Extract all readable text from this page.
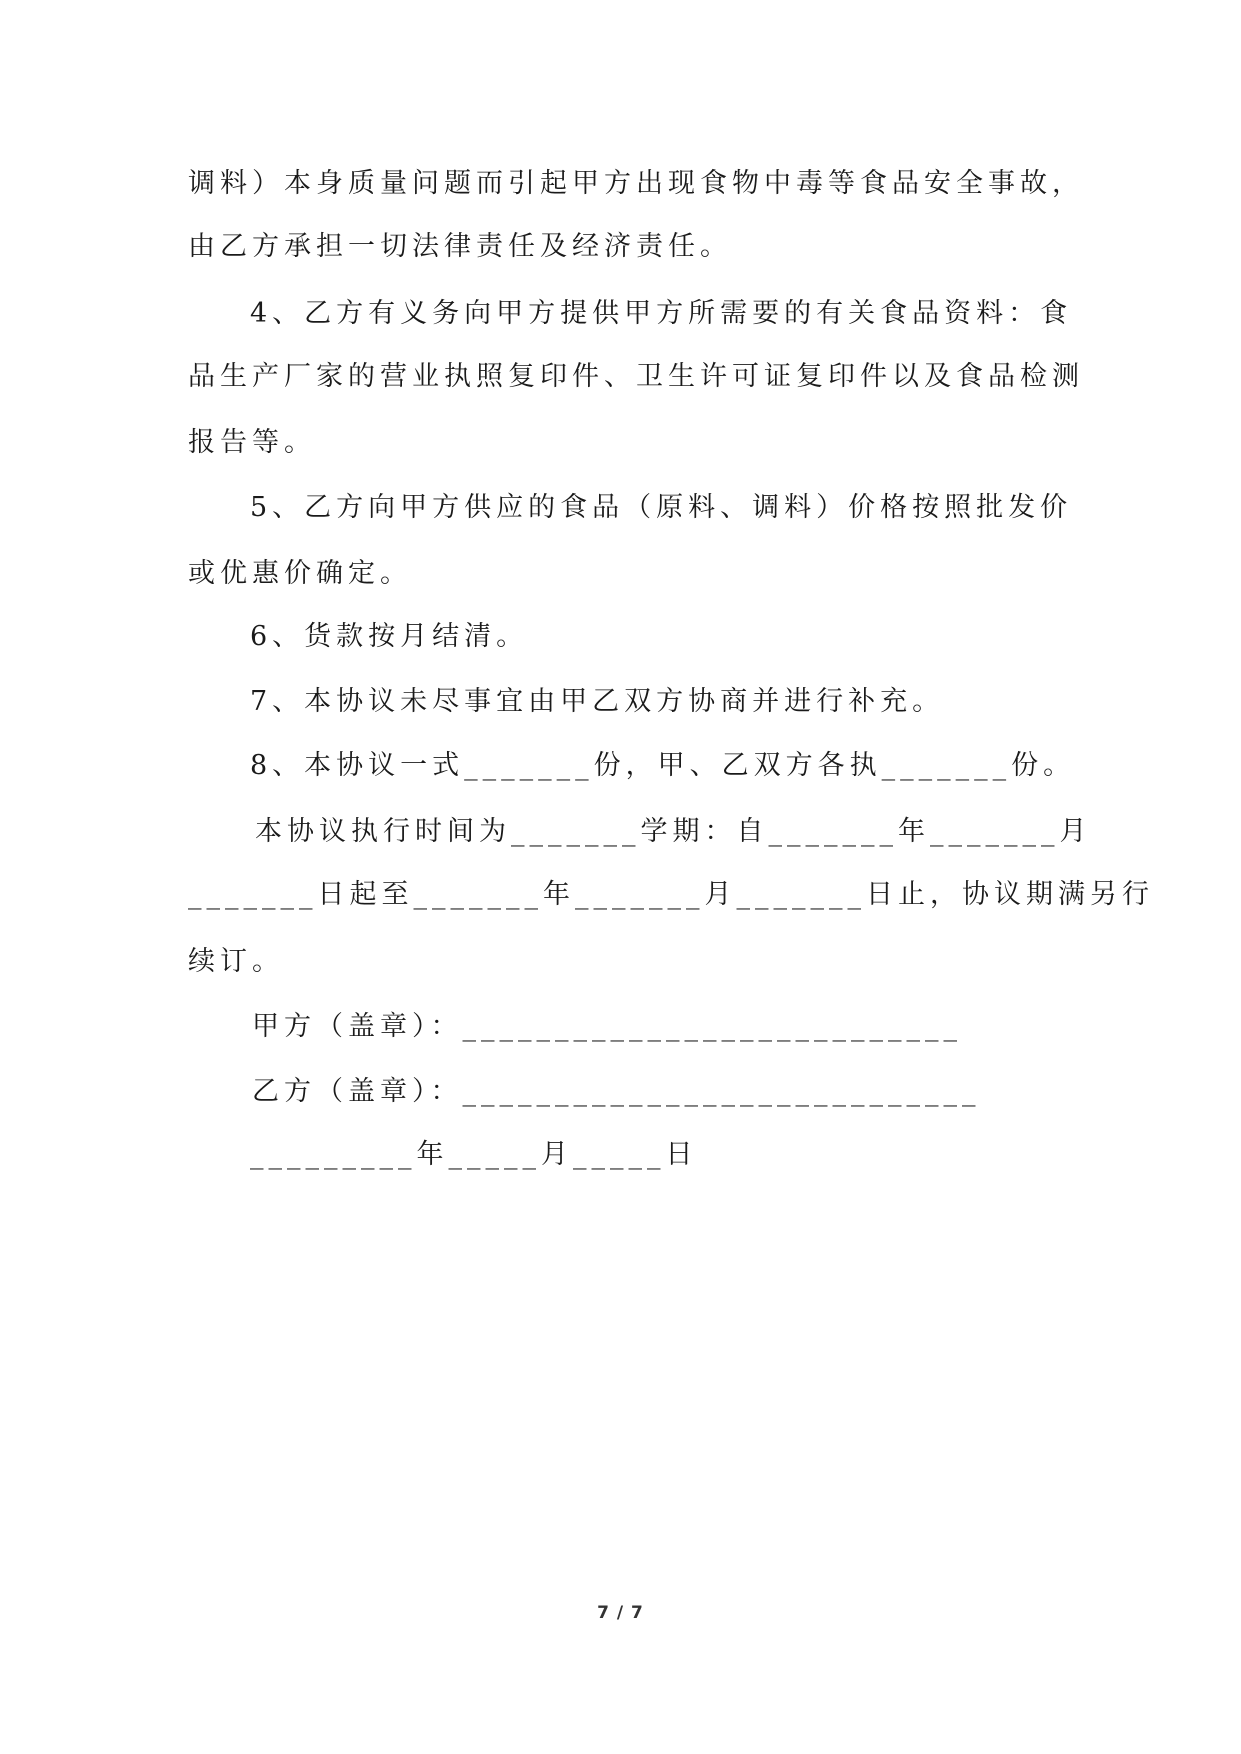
调料）本身质量问题而引起甲方出现食物中毒等食品安全事故，
由乙方承担一切法律责任及经济责任。
4、乙方有义务向甲方提供甲方所需要的有关食品资料：食
品生产厂家的营业执照复印件、卫生许可证复印件以及食品检测
报告等。
5、乙方向甲方供应的食品（原料、调料）价格按照批发价
或优惠价确定。
6、货款按月结清。
7、本协议未尽事宜由甲乙双方协商并进行补充。
8、本协议一式_______份，甲、乙双方各执_______份。
本协议执行时间为_______学期：自_______年_______月
_______日起至_______年_______月_______日止，协议期满另行
续订。
甲方（盖章）：___________________________
乙方（盖章）：____________________________
_________年_____月_____日
7 / 7
